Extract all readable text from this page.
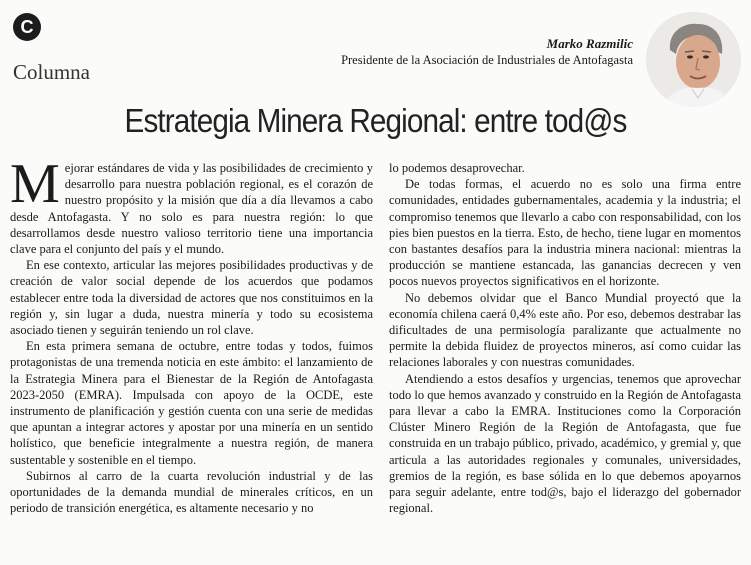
C
Columna
Marko Razmilic
Presidente de la Asociación de Industriales de Antofagasta
Estrategia Minera Regional: entre tod@s

Mejorar estándares de vida y las posibilidades de crecimiento y desarrollo para nuestra población regional, es el corazón de nuestro propósito y la misión que día a día llevamos a cabo desde Antofagasta. Y no solo es para nuestra región: lo que desarrollamos desde nuestro valioso territorio tiene una importancia clave para el conjunto del país y el mundo.

En ese contexto, articular las mejores posibilidades productivas y de creación de valor social depende de los acuerdos que podamos establecer entre toda la diversidad de actores que nos constituimos en la región y, sin lugar a duda, nuestra minería y todo su ecosistema asociado tienen y seguirán teniendo un rol clave.

En esta primera semana de octubre, entre todas y todos, fuimos protagonistas de una tremenda noticia en este ámbito: el lanzamiento de la Estrategia Minera para el Bienestar de la Región de Antofagasta 2023-2050 (EMRA). Impulsada con apoyo de la OCDE, este instrumento de planificación y gestión cuenta con una serie de medidas que apuntan a integrar actores y apostar por una minería en un sentido holístico, que beneficie integralmente a nuestra región, de manera sustentable y sostenible en el tiempo.

Subirnos al carro de la cuarta revolución industrial y de las oportunidades de la demanda mundial de minerales críticos, en un periodo de transición energética, es altamente necesario y no

lo podemos desaprovechar.

De todas formas, el acuerdo no es solo una firma entre comunidades, entidades gubernamentales, academia y la industria; el compromiso tenemos que llevarlo a cabo con responsabilidad, con los pies bien puestos en la tierra. Esto, de hecho, tiene lugar en momentos con bastantes desafíos para la industria minera nacional: mientras la producción se mantiene estancada, las ganancias decrecen y ven pocos nuevos proyectos significativos en el horizonte.

No debemos olvidar que el Banco Mundial proyectó que la economía chilena caerá 0,4% este año. Por eso, debemos destrabar las dificultades de una permisología paralizante que actualmente no permite la debida fluidez de proyectos mineros, así como cuidar las relaciones laborales y con nuestras comunidades.

Atendiendo a estos desafíos y urgencias, tenemos que aprovechar todo lo que hemos avanzado y construido en la Región de Antofagasta para llevar a cabo la EMRA. Instituciones como la Corporación Clúster Minero Región de la Región de Antofagasta, que fue construida en un trabajo público, privado, académico, y gremial y, que articula a las autoridades regionales y comunales, universidades, gremios de la región, es base sólida en lo que debemos apoyarnos para seguir adelante, entre tod@s, bajo el liderazgo del gobernador regional.
